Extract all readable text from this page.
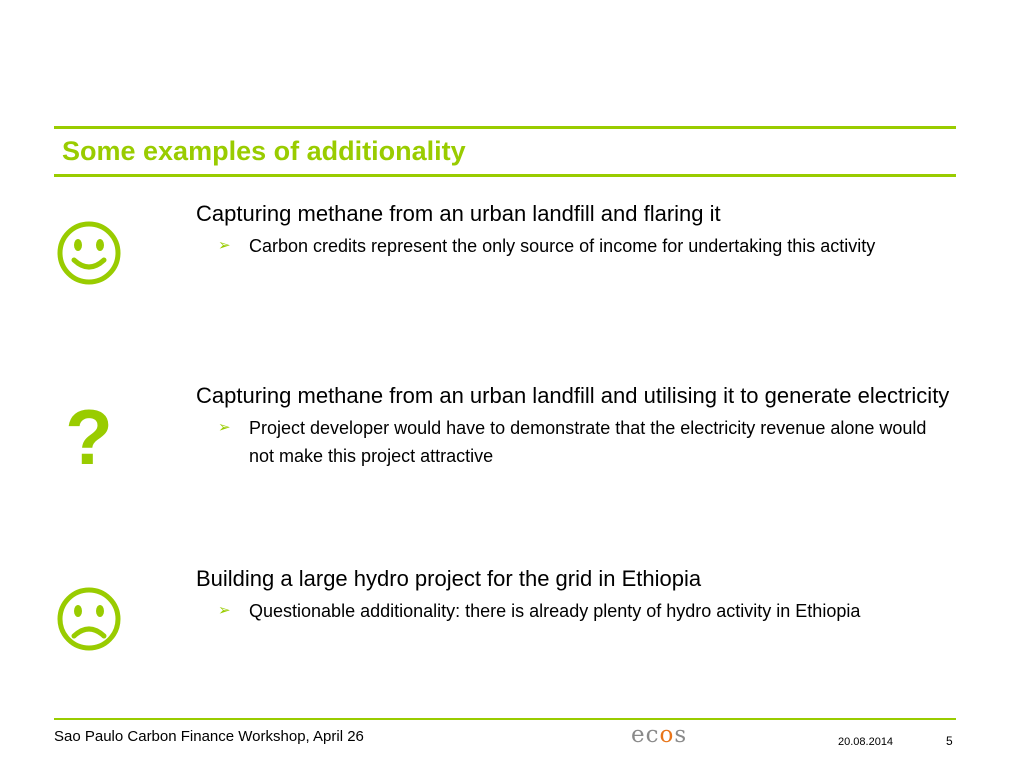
Some examples of additionality

Capturing methane from an urban landfill and flaring it

➢ Carbon credits represent the only source of income for undertaking this activity
?	Capturing methane from an urban landfill and utilising it to generate electricity

➢ Project developer would have to demonstrate that the electricity revenue alone would not make this project attractive

Building a large hydro project for the grid in Ethiopia

➢ Questionable additionality: there is already plenty of hydro activity in Ethiopia
Sao Paulo Carbon Finance Workshop, April 26	ecos	20.08.2014	5
